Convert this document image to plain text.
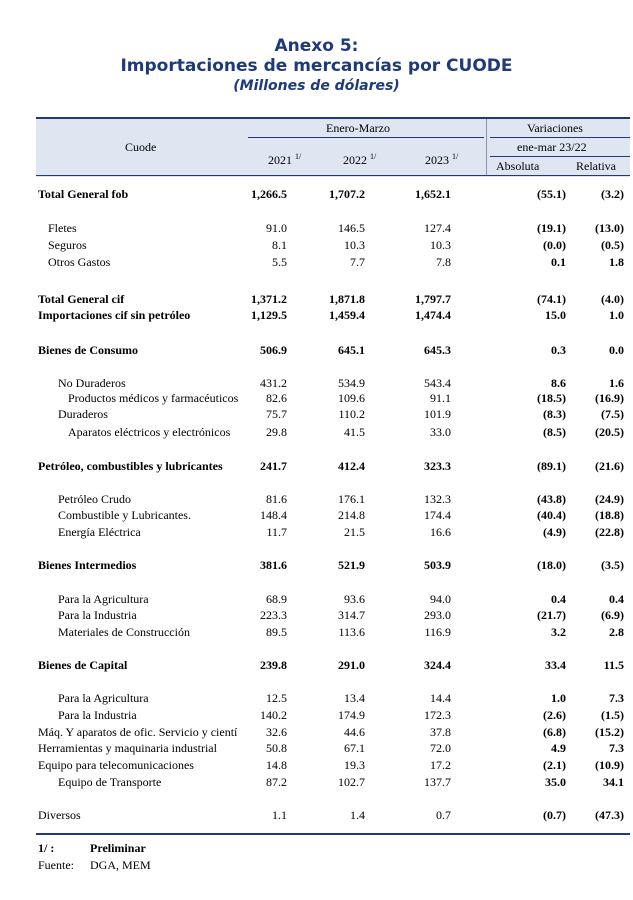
Anexo 5:
Importaciones de mercancías por CUODE
(Millones de dólares)
Cuode
Enero-Marzo	Variaciones
ene-mar 23/22
2021 $^{1/}$	2022 $^{1/}$	2023 $^{1/}$
Absoluta	Relativa
Total General fob	1,266.5	1,707.2	1,652.1	(55.1)	(3.2)
Fletes	91.0	146.5	127.4	(19.1) (13.0)
Seguros	8.1	10.3	10.3	(0.0)	(0.5)
Otros Gastos	5.5	7.7	7.8	0.1	1.8
Total General cif	1,371.2	1,871.8	1,797.7	(74.1)	(4.0)
Importaciones cif sin petróleo	1,129.5	1,459.4	1,474.4	15.0	1.0
Bienes de Consumo	506.9	645.1	645.3	0.3	0.0
No Duraderos	431.2	534.9	543.4	8.6	1.6
Productos médicos y farmacéuticos 82.6	109.6	91.1	(18.5) (16.9)
Duraderos	75.7	110.2	101.9	(8.3)	(7.5)
Aparatos eléctricos y electrónicos	29.8	41.5	33.0	(8.5) (20.5)
Petróleo, combustibles y lubricantes	241.7	412.4	323.3	(89.1) (21.6)
Petróleo Crudo	81.6	176.1	132.3	(43.8) (24.9)
Combustible y Lubricantes.	148.4	214.8	174.4	(40.4) (18.8)
Energía Eléctrica	11.7	21.5	16.6	(4.9) (22.8)
Bienes Intermedios	381.6	521.9	503.9	(18.0)	(3.5)
Para la Agricultura	68.9	93.6	94.0	0.4	0.4
Para la Industria	223.3	314.7	293.0	(21.7)	(6.9)
Materiales de Construcción	89.5	113.6	116.9	3.2	2.8
Bienes de Capital	239.8	291.0	324.4	33.4	11.5
Para la Agricultura	12.5	13.4	14.4	1.0	7.3
Para la Industria	140.2	174.9	172.3	(2.6)	(1.5)
Máq. Y aparatos de ofic. Servicio y cientí 32.6	44.6	37.8	(6.8) (15.2)
Herramientas y maquinaria industrial	50.8	67.1	72.0	4.9	7.3
Equipo para telecomunicaciones	14.8	19.3	17.2	(2.1) (10.9)
Equipo de Transporte	87.2	102.7	137.7	35.0	34.1
Diversos	1.1	1.4	0.7	(0.7) (47.3)
1/ :	Preliminar
Fuente: DGA, MEM
